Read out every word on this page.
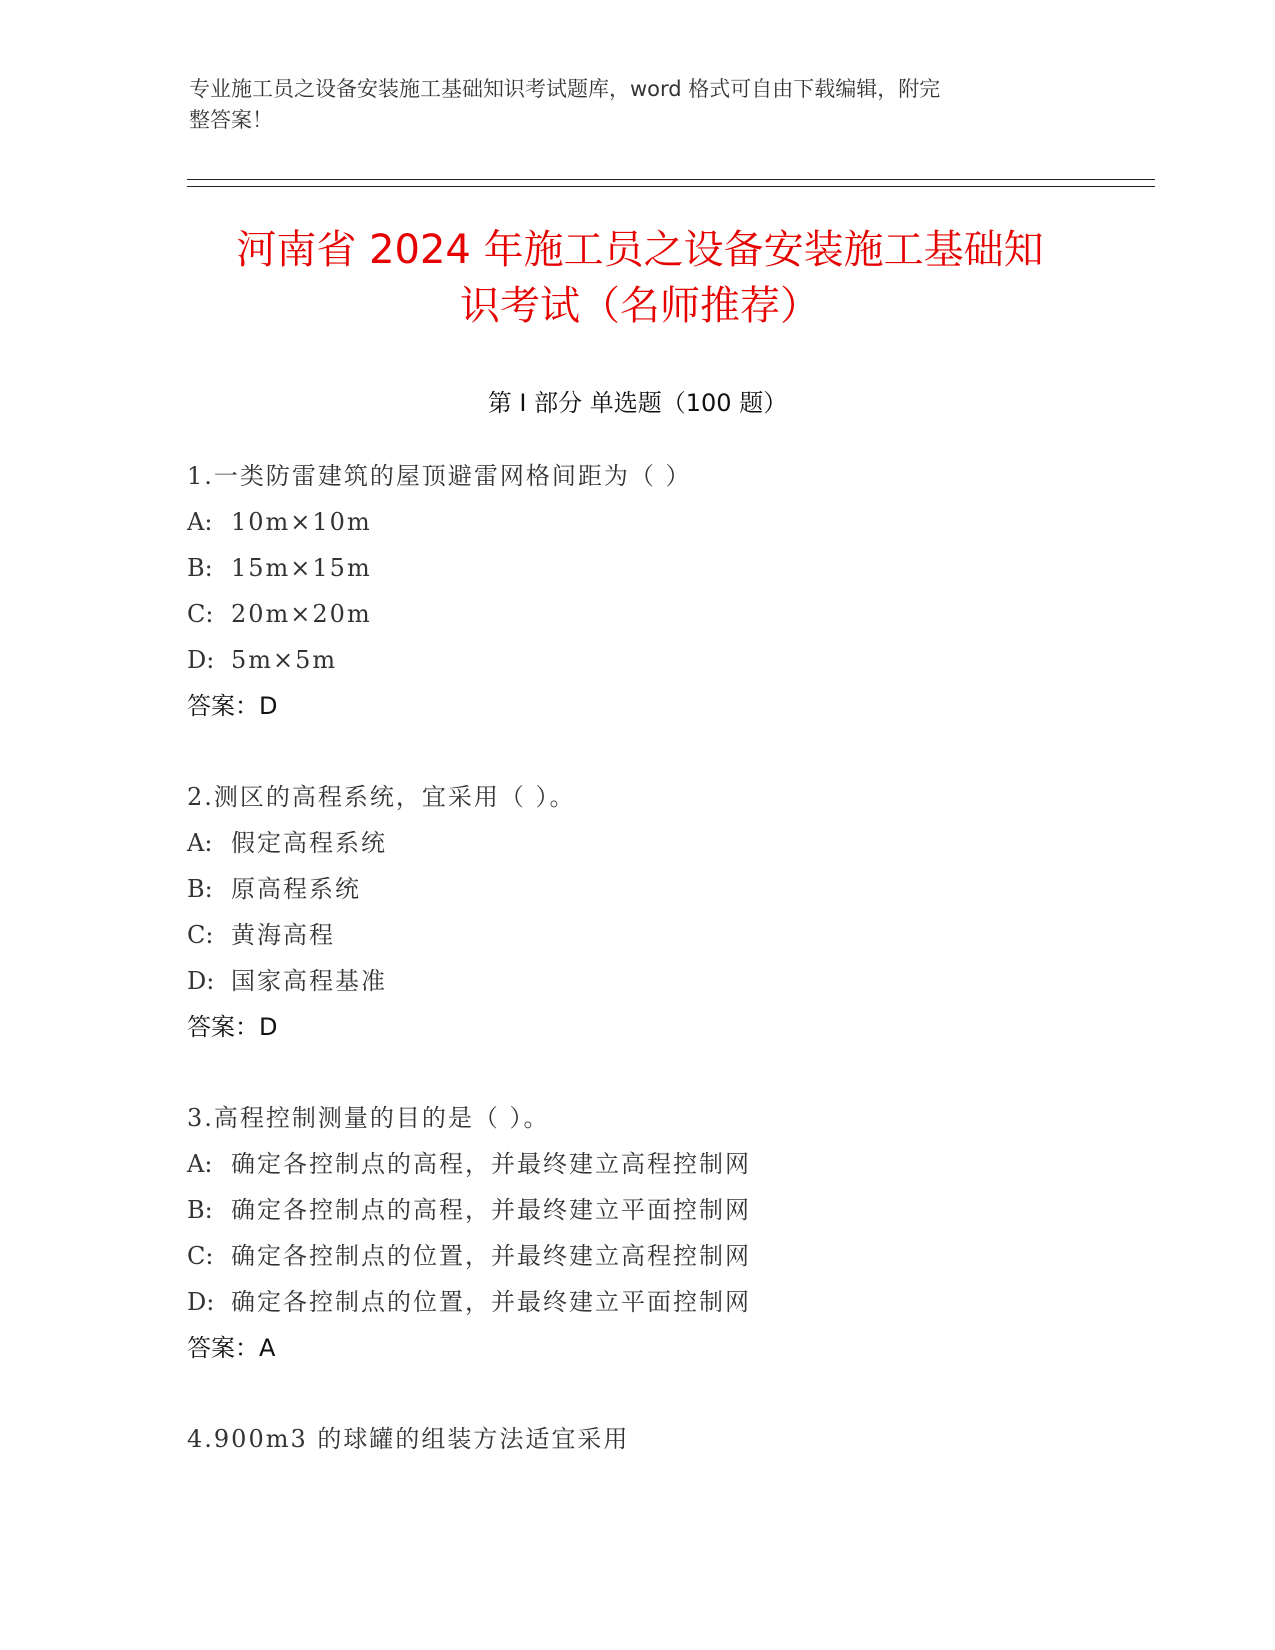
专业施工员之设备安装施工基础知识考试题库，word 格式可自由下载编辑，附完
整答案！
河南省 2024 年施工员之设备安装施工基础知
识考试（名师推荐）
第 I 部分 单选题（100 题）
1.一类防雷建筑的屋顶避雷网格间距为（ ）
A: 10m×10m
B: 15m×15m
C: 20m×20m
D: 5m×5m
答案：D
2.测区的高程系统，宜采用（ ）。
A: 假定高程系统
B: 原高程系统
C: 黄海高程
D: 国家高程基准
答案：D
3.高程控制测量的目的是（ ）。
A: 确定各控制点的高程，并最终建立高程控制网
B: 确定各控制点的高程，并最终建立平面控制网
C: 确定各控制点的位置，并最终建立高程控制网
D: 确定各控制点的位置，并最终建立平面控制网
答案：A
4.900m3 的球罐的组装方法适宜采用
